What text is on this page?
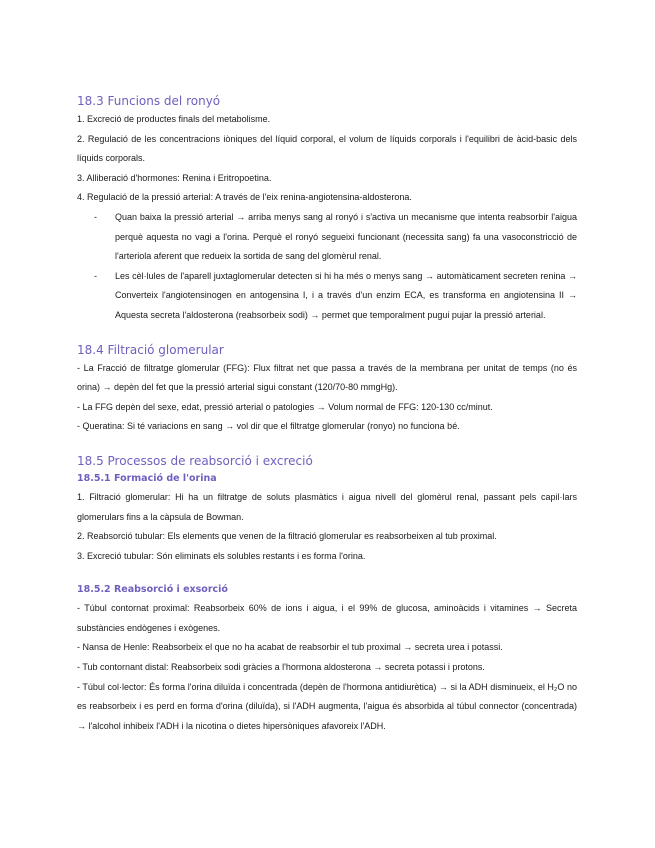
18.3 Funcions del ronyó

1. Excreció de productes finals del metabolisme.

2. Regulació de les concentracions iòniques del líquid corporal, el volum de líquids corporals i l'equilibri de àcid-basic dels líquids corporals.

3. Alliberació d'hormones: Renina i Eritropoetina.

4. Regulació de la pressió arterial: A través de l'eix renina-angiotensina-aldosterona.

- Quan baixa la pressió arterial → arriba menys sang al ronyó i s'activa un mecanisme que intenta reabsorbir l'aigua perquè aquesta no vagi a l'orina. Perquè el ronyó segueixi funcionant (necessita sang) fa una vasoconstricció de l'arteriola aferent que redueix la sortida de sang del glomèrul renal.

- Les cèl·lules de l'aparell juxtaglomerular detecten si hi ha més o menys sang → automàticament secreten renina → Converteix l'angiotensinogen en antogensina I, i a través d'un enzim ECA, es transforma en angiotensina II → Aquesta secreta l'aldosterona (reabsorbeix sodi) → permet que temporalment pugui pujar la pressió arterial.

18.4 Filtració glomerular

- La Fracció de filtratge glomerular (FFG): Flux filtrat net que passa a través de la membrana per unitat de temps (no és orina) → depèn del fet que la pressió arterial sigui constant (120/70-80 mmgHg).

- La FFG depèn del sexe, edat, pressió arterial o patologies → Volum normal de FFG: 120-130 cc/minut.

- Queratina: Si té variacions en sang → vol dir que el filtratge glomerular (ronyo) no funciona bé.

18.5 Processos de reabsorció i excreció
18.5.1 Formació de l'orina

1. Filtració glomerular: Hi ha un filtratge de soluts plasmàtics i aigua nivell del glomèrul renal, passant pels capil·lars glomerulars fins a la càpsula de Bowman.

2. Reabsorció tubular: Els elements que venen de la filtració glomerular es reabsorbeixen al tub proximal.

3. Excreció tubular: Són eliminats els solubles restants i es forma l'orina.

18.5.2 Reabsorció i exsorció

- Túbul contornat proximal: Reabsorbeix 60% de ions i aigua, i el 99% de glucosa, aminoàcids i vitamines → Secreta substàncies endògenes i exògenes.

- Nansa de Henle: Reabsorbeix el que no ha acabat de reabsorbir el tub proximal → secreta urea i potassi.

- Tub contornant distal: Reabsorbeix sodi gràcies a l'hormona aldosterona → secreta potassi i protons.

- Túbul col·lector: És forma l'orina diluïda i concentrada (depèn de l'hormona antidiurètica) → si la ADH disminueix, el H₂O no es reabsorbeix i es perd en forma d'orina (diluïda), si l'ADH augmenta, l'aigua és absorbida al túbul connector (concentrada) → l'alcohol inhibeix l'ADH i la nicotina o dietes hipersòniques afavoreix l'ADH.
